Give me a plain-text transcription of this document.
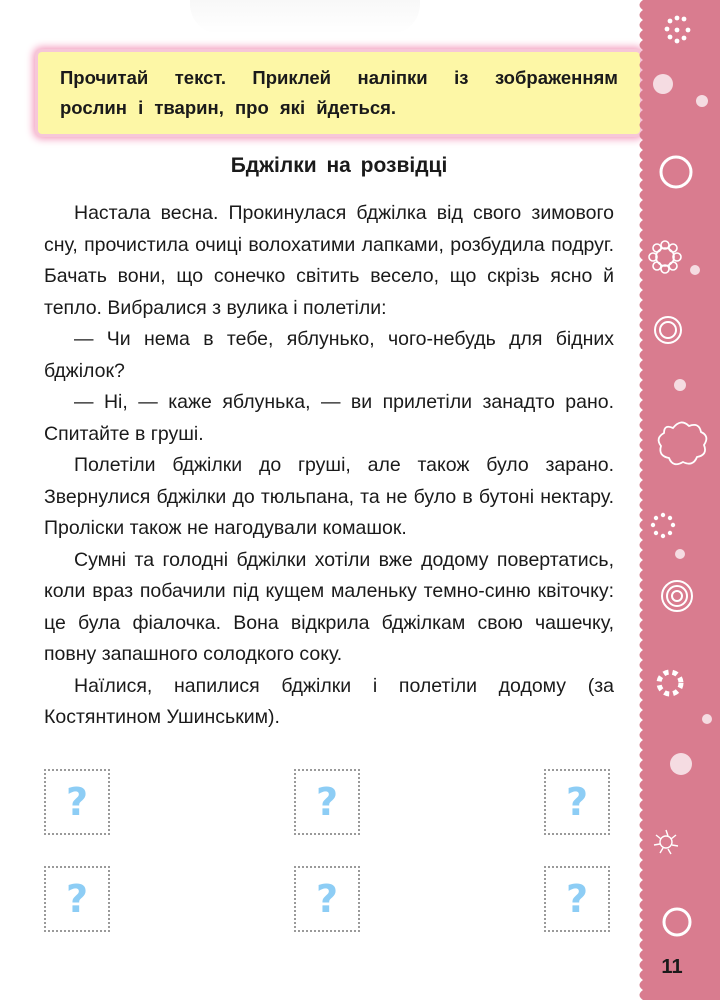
Прочитай текст. Приклей наліпки із зображенням
рослин і тварин, про які йдеться.
Бджілки на розвідці

Настала весна. Прокинулася бджілка від свого зимового сну, прочистила очиці волохатими лапками, розбудила подруг. Бачать вони, що сонечко світить весело, що скрізь ясно й тепло. Вибралися з вулика і полетіли:

— Чи нема в тебе, яблунько, чого-небудь для бідних бджілок?

— Ні, — каже яблунька, — ви прилетіли занадто рано. Спитайте в груші.

Полетіли бджілки до груші, але також було зарано. Звернулися бджілки до тюльпана, та не було в бутоні нектару. Проліски також не нагодували комашок.

Сумні та голодні бджілки хотіли вже додому повертатись, коли враз побачили під кущем маленьку темно-синю квіточку: це була фіалочка. Вона відкрила бджілкам свою чашечку, повну запашного солодкого соку.

Наїлися, напилися бджілки і полетіли додому (за Костянтином Ушинським).

?	?	?
?	?	?
11
